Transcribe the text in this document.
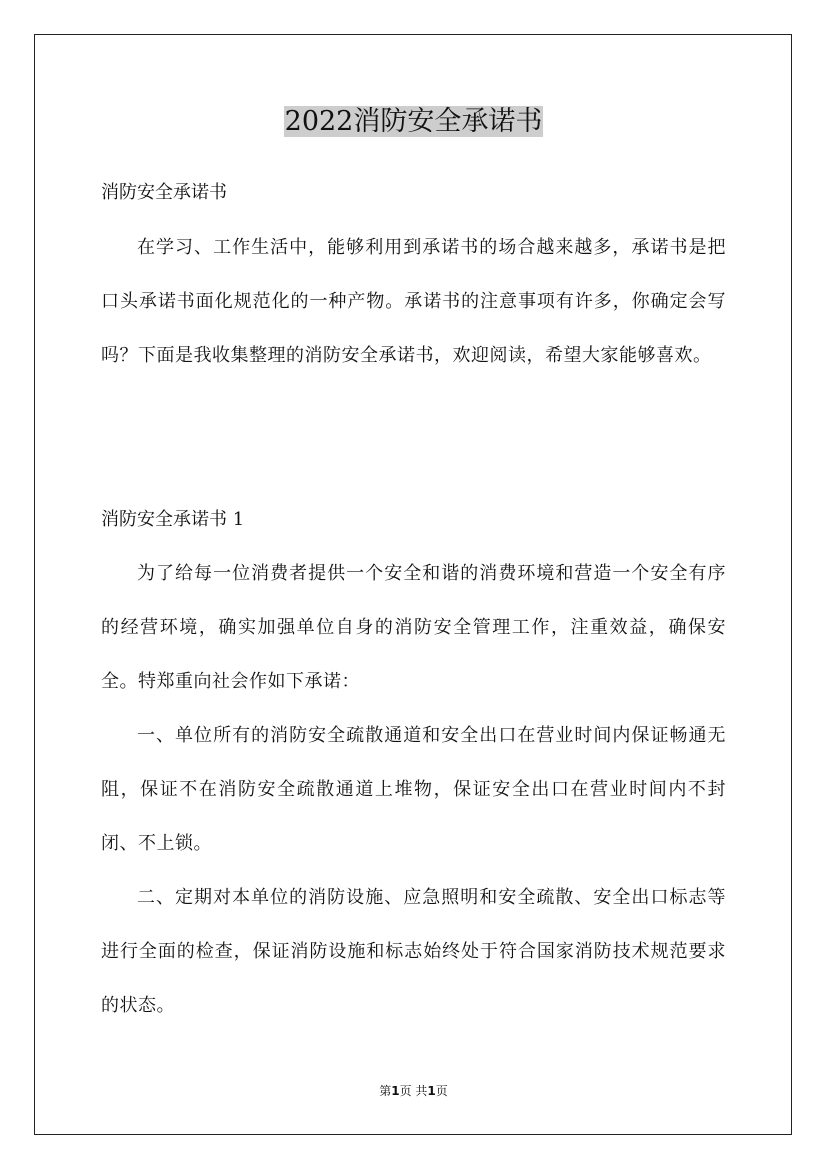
2022消防安全承诺书

消防安全承诺书

在学习、工作生活中，能够利用到承诺书的场合越来越多，承诺书是把口头承诺书面化规范化的一种产物。承诺书的注意事项有许多，你确定会写吗？下面是我收集整理的消防安全承诺书，欢迎阅读，希望大家能够喜欢。

消防安全承诺书 1

为了给每一位消费者提供一个安全和谐的消费环境和营造一个安全有序的经营环境，确实加强单位自身的消防安全管理工作，注重效益，确保安全。特郑重向社会作如下承诺：

一、单位所有的消防安全疏散通道和安全出口在营业时间内保证畅通无阻，保证不在消防安全疏散通道上堆物，保证安全出口在营业时间内不封闭、不上锁。

二、定期对本单位的消防设施、应急照明和安全疏散、安全出口标志等进行全面的检查，保证消防设施和标志始终处于符合国家消防技术规范要求的状态。

第1页 共1页
